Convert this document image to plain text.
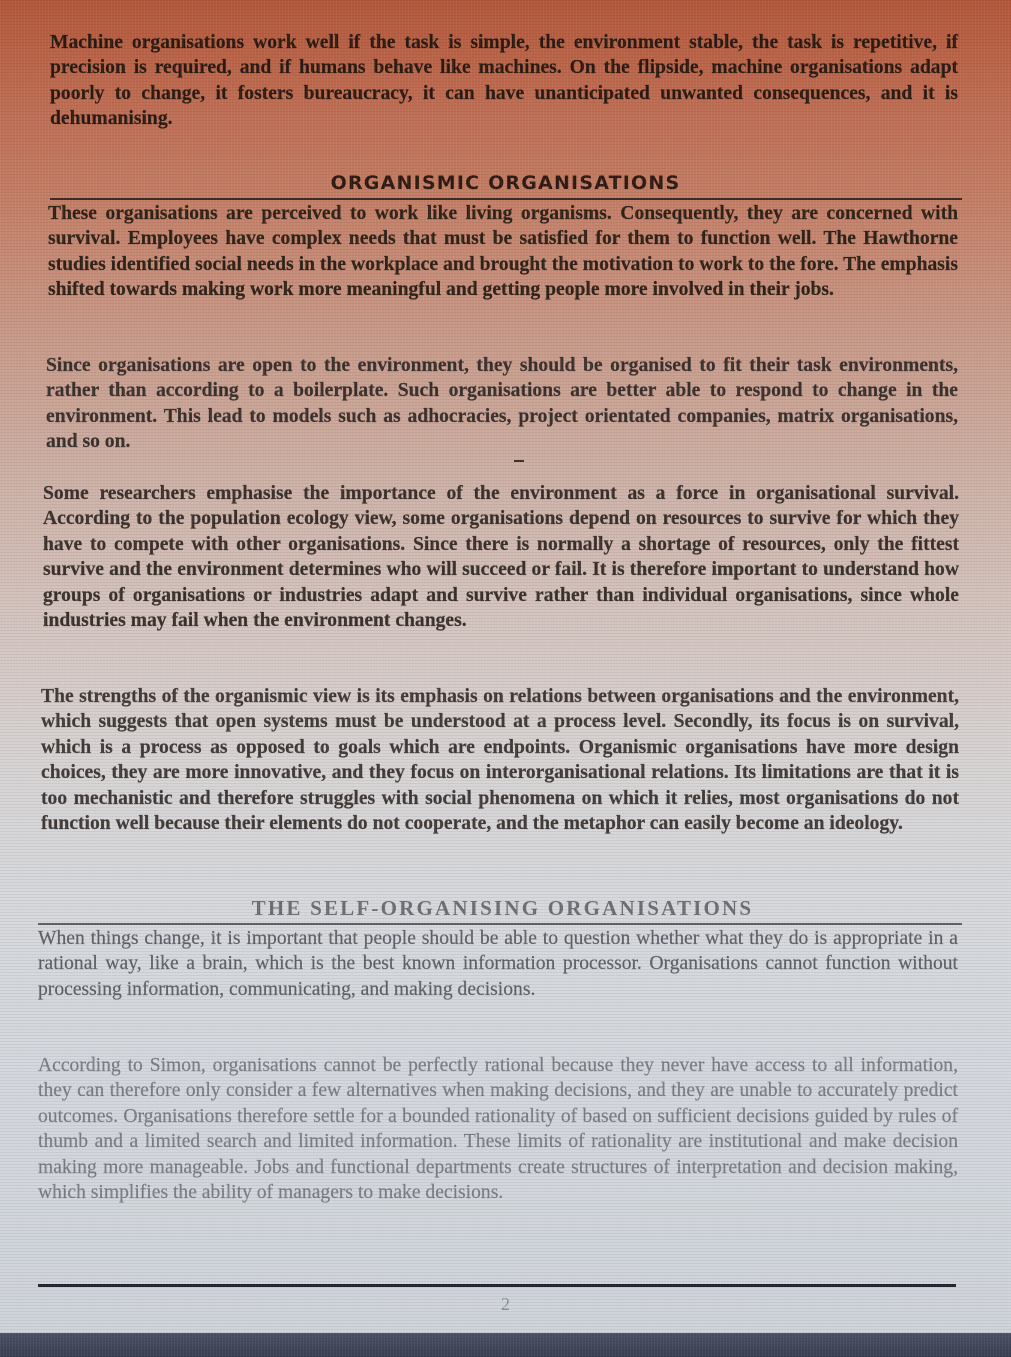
Machine organisations work well if the task is simple, the environment stable, the task is repetitive, if precision is required, and if humans behave like machines. On the flipside, machine organisations adapt poorly to change, it fosters bureaucracy, it can have unanticipated unwanted consequences, and it is dehumanising.

ORGANISMIC ORGANISATIONS

These organisations are perceived to work like living organisms. Consequently, they are concerned with survival. Employees have complex needs that must be satisfied for them to function well. The Hawthorne studies identified social needs in the workplace and brought the motivation to work to the fore. The emphasis shifted towards making work more meaningful and getting people more involved in their jobs.

Since organisations are open to the environment, they should be organised to fit their task environments, rather than according to a boilerplate. Such organisations are better able to respond to change in the environment. This lead to models such as adhocracies, project orientated companies, matrix organisations, and so on.

Some researchers emphasise the importance of the environment as a force in organisational survival. According to the population ecology view, some organisations depend on resources to survive for which they have to compete with other organisations. Since there is normally a shortage of resources, only the fittest survive and the environment determines who will succeed or fail. It is therefore important to understand how groups of organisations or industries adapt and survive rather than individual organisations, since whole industries may fail when the environment changes.

The strengths of the organismic view is its emphasis on relations between organisations and the environment, which suggests that open systems must be understood at a process level. Secondly, its focus is on survival, which is a process as opposed to goals which are endpoints. Organismic organisations have more design choices, they are more innovative, and they focus on interorganisational relations. Its limitations are that it is too mechanistic and therefore struggles with social phenomena on which it relies, most organisations do not function well because their elements do not cooperate, and the metaphor can easily become an ideology.

THE SELF-ORGANISING ORGANISATIONS

When things change, it is important that people should be able to question whether what they do is appropriate in a rational way, like a brain, which is the best known information processor. Organisations cannot function without processing information, communicating, and making decisions.

According to Simon, organisations cannot be perfectly rational because they never have access to all information, they can therefore only consider a few alternatives when making decisions, and they are unable to accurately predict outcomes. Organisations therefore settle for a bounded rationality of based on sufficient decisions guided by rules of thumb and a limited search and limited information. These limits of rationality are institutional and make decision making more manageable. Jobs and functional departments create structures of interpretation and decision making, which simplifies the ability of managers to make decisions.

2
